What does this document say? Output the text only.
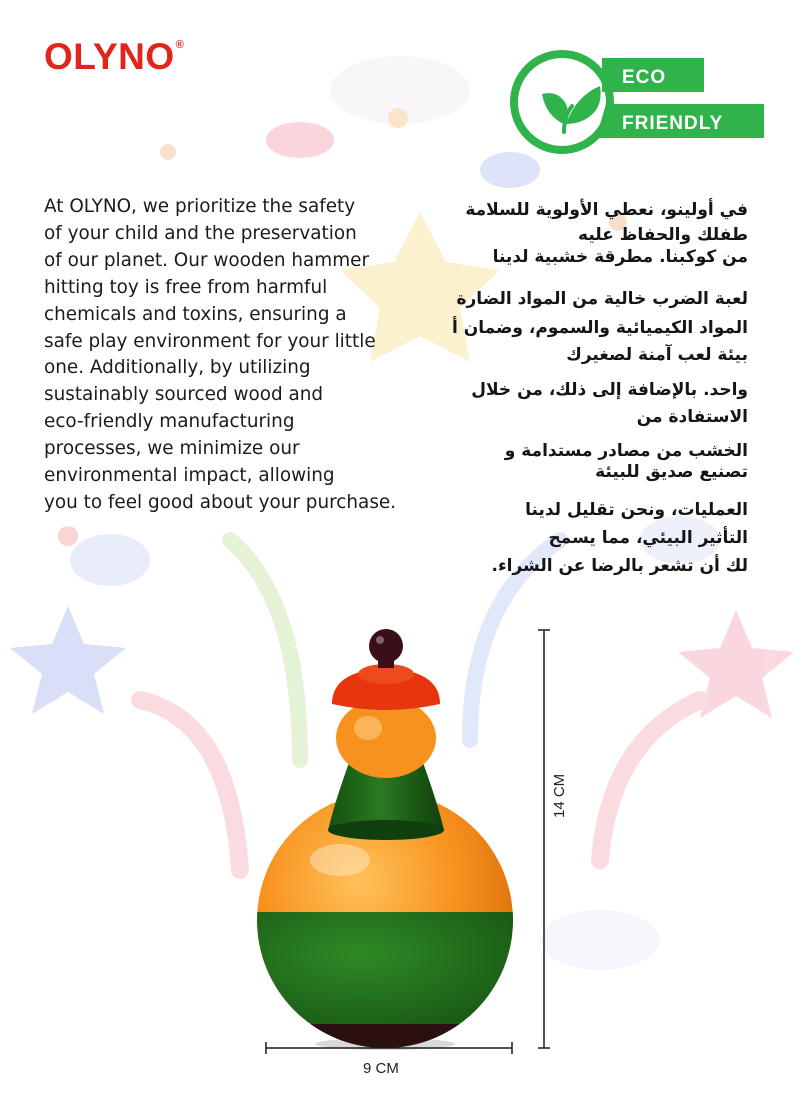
OLYNO®
ECO
FRIENDLY

At OLYNO, we prioritize the safety
of your child and the preservation
of our planet. Our wooden hammer
hitting toy is free from harmful
chemicals and toxins, ensuring a
safe play environment for your little
one. Additionally, by utilizing
sustainably sourced wood and
eco-friendly manufacturing
processes, we minimize our
environmental impact, allowing
you to feel good about your purchase.

في أولينو، نعطي الأولوية للسلامة
طفلك والحفاظ عليه
من كوكبنا. مطرقة خشبية لدينا
لعبة الضرب خالية من المواد الضارة
المواد الكيميائية والسموم، وضمان أ
بيئة لعب آمنة لصغيرك
واحد. بالإضافة إلى ذلك، من خلال
الاستفادة من
الخشب من مصادر مستدامة و
تصنيع صديق للبيئة
العمليات، ونحن تقليل لدينا
التأثير البيئي، مما يسمح
لك أن تشعر بالرضا عن الشراء.
9 CM
14 CM
